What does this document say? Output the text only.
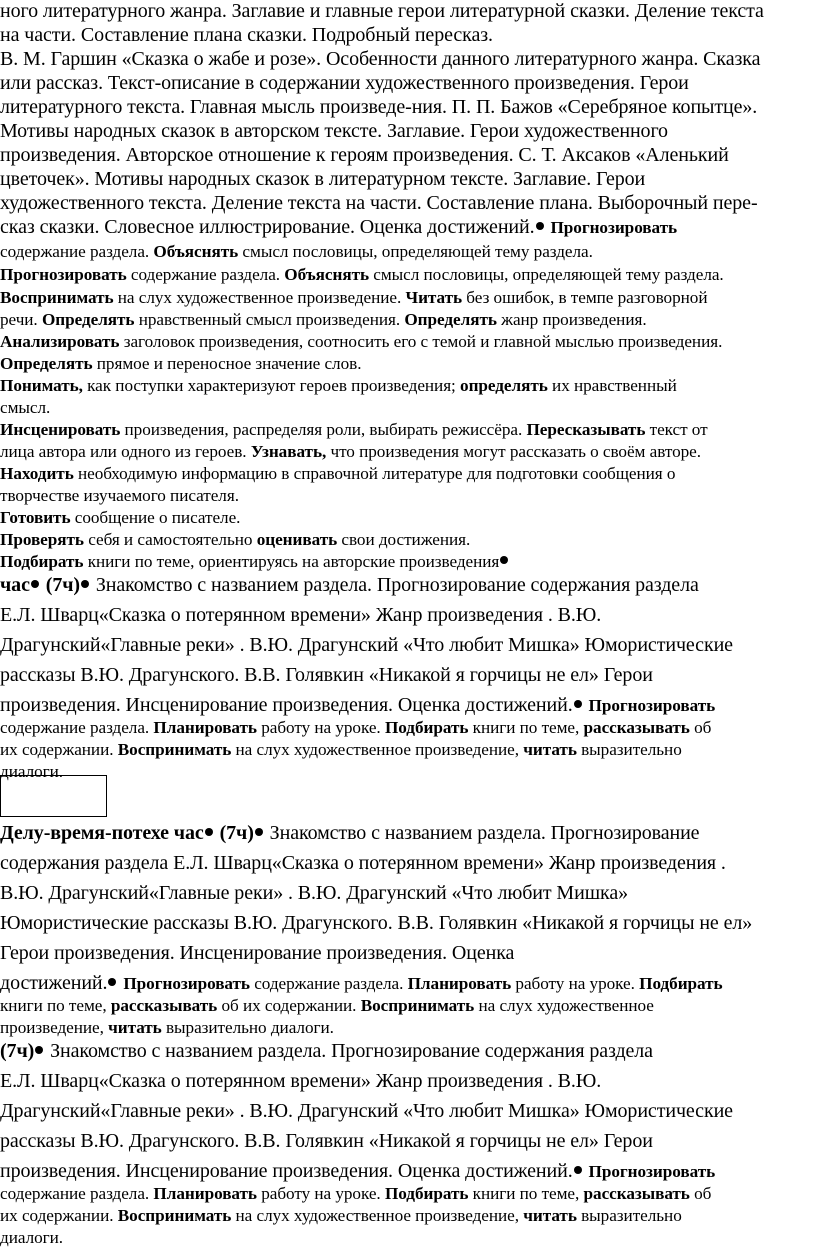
ного литературного жанра. Заглавие и главные герои литературной сказки. Деление текста

на части. Составление плана сказки. Подробный пересказ.

В. М. Гаршин «Сказка о жабе и розе». Особенности данного литературного жанра. Сказка

или рассказ. Текст-описание в содержании художественного произведения. Герои

литературного текста. Главная мысль произведе-ния. П. П. Бажов «Серебряное копытце».

Мотивы народных сказок в авторском тексте. Заглавие. Герои художественного

произведения. Авторское отношение к героям произведения. С. Т. Аксаков «Аленький

цветочек». Мотивы народных сказок в литературном тексте. Заглавие. Герои

художественного текста. Деление текста на части. Составление плана. Выборочный пере-

сказ сказки. Словесное иллюстрирование. Оценка достижений. Прогнозировать

содержание раздела. Объяснять смысл пословицы, определяющей тему раздела.

Прогнозировать содержание раздела. Объяснять смысл пословицы, определяющей тему раздела.

Воспринимать на слух художественное произведение. Читать без ошибок, в темпе разговорной

речи. Определять нравственный смысл произведения. Определять жанр произведения.

Анализировать заголовок произведения, соотносить его с темой и главной мыслью произведения.

Определять прямое и переносное значение слов.

Понимать, как поступки характеризуют героев произведения; определять их нравственный

смысл.

Инсценировать произведения, распределяя роли, выбирать режиссёра. Пересказывать текст от

лица автора или одного из героев. Узнавать, что произведения могут рассказать о своём авторе.

Находить необходимую информацию в справочной литературе для подготовки сообщения о

творчестве изучаемого писателя.

Готовить сообщение о писателе.

Проверять себя и самостоятельно оценивать свои достижения.

Подбирать книги по теме, ориентируясь на авторские произведения

час (7ч) Знакомство с названием раздела. Прогнозирование содержания раздела

Е.Л. Шварц«Сказка о потерянном времени» Жанр произведения . В.Ю.

Драгунский«Главные реки» . В.Ю. Драгунский «Что любит Мишка» Юмористические

рассказы В.Ю. Драгунского. В.В. Голявкин «Никакой я горчицы не ел» Герои

произведения. Инсценирование произведения. Оценка достижений. Прогнозировать

содержание раздела. Планировать работу на уроке. Подбирать книги по теме, рассказывать об

их содержании. Воспринимать на слух художественное произведение, читать выразительно

диалоги.

Делу-время-потехе час (7ч) Знакомство с названием раздела. Прогнозирование

содержания раздела Е.Л. Шварц«Сказка о потерянном времени» Жанр произведения .

В.Ю. Драгунский«Главные реки» . В.Ю. Драгунский «Что любит Мишка»

Юмористические рассказы В.Ю. Драгунского. В.В. Голявкин «Никакой я горчицы не ел»

Герои произведения. Инсценирование произведения. Оценка

достижений. Прогнозировать содержание раздела. Планировать работу на уроке. Подбирать

книги по теме, рассказывать об их содержании. Воспринимать на слух художественное

произведение, читать выразительно диалоги.

(7ч) Знакомство с названием раздела. Прогнозирование содержания раздела

Е.Л. Шварц«Сказка о потерянном времени» Жанр произведения . В.Ю.

Драгунский«Главные реки» . В.Ю. Драгунский «Что любит Мишка» Юмористические

рассказы В.Ю. Драгунского. В.В. Голявкин «Никакой я горчицы не ел» Герои

произведения. Инсценирование произведения. Оценка достижений. Прогнозировать

содержание раздела. Планировать работу на уроке. Подбирать книги по теме, рассказывать об

их содержании. Воспринимать на слух художественное произведение, читать выразительно

диалоги.
